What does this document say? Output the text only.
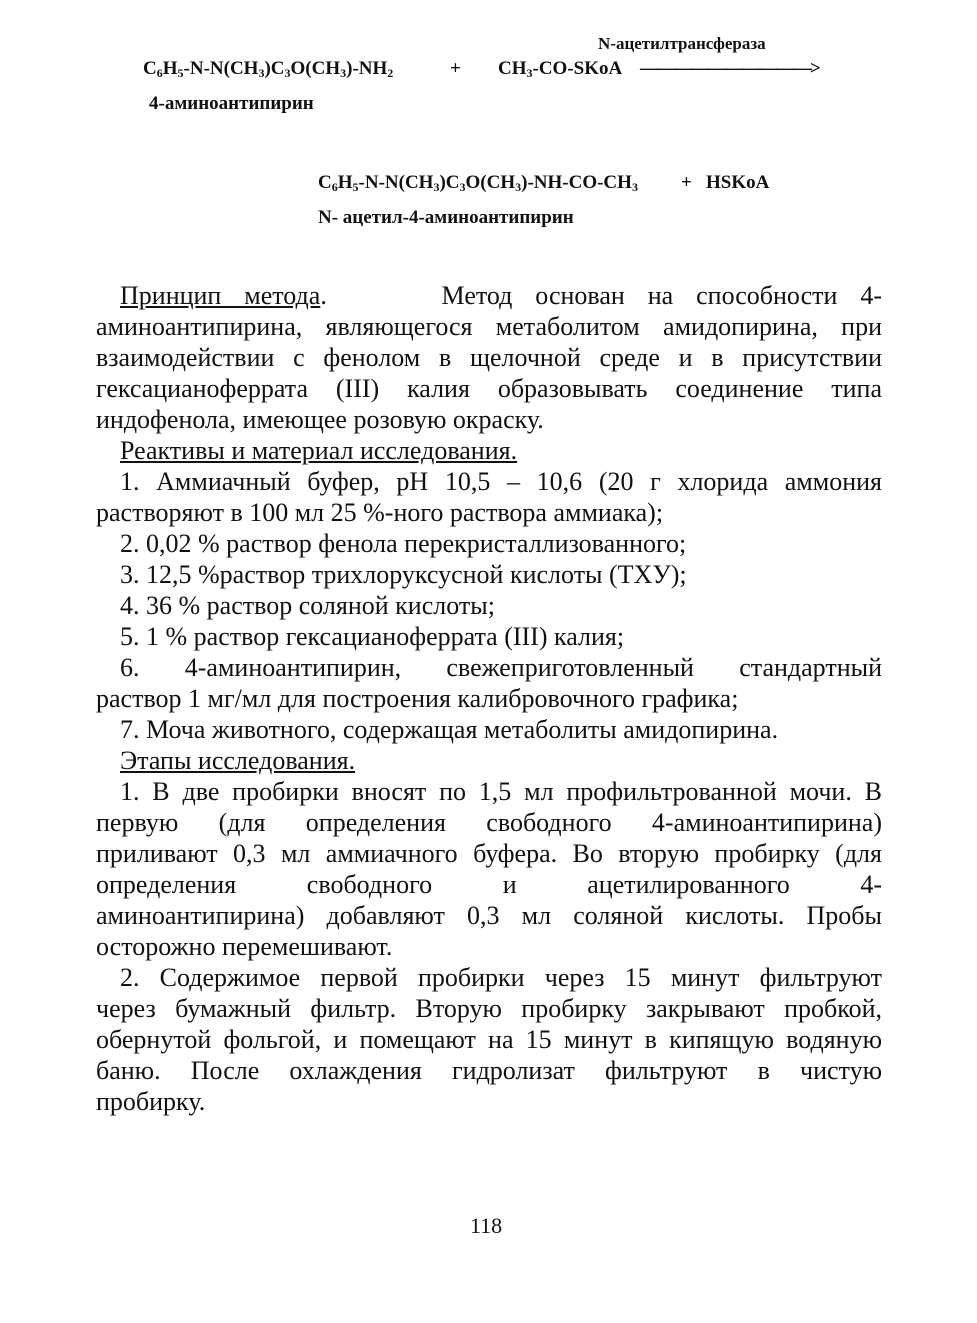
N-ацетилтрансфераза
$C_6H_5-N-N(CH_3)C_3O(CH_3)-NH_2$	+ $CH_3-CO$-SKoA ——————————>
4-аминоантипирин
$C_6H_5-N-N(CH_3)C_3O(CH_3)-NH-CO-CH_3$ + HSKoA
N- ацетил-4-аминоантипирин

Принцип метода.	Метод основан на способности 4-

аминоантипирина, являющегося метаболитом амидопирина, при

взаимодействии с фенолом в щелочной среде и в присутствии

гексацианоферрата (III) калия образовывать соединение типа

индофенола, имеющее розовую окраску.

Реактивы и материал исследования.

1. Аммиачный буфер, pH 10,5 – 10,6 (20 г хлорида аммония

растворяют в 100 мл 25 %-ного раствора аммиака);

2. 0,02 % раствор фенола перекристаллизованного;

3. 12,5 %раствор трихлоруксусной кислоты (ТХУ);

4. 36 % раствор соляной кислоты;

5. 1 % раствор гексацианоферрата (III) калия;

6. 4-аминоантипирин, свежеприготовленный стандартный

раствор 1 мг/мл для построения калибровочного графика;

7. Моча животного, содержащая метаболиты амидопирина.

Этапы исследования.

1. В две пробирки вносят по 1,5 мл профильтрованной мочи. В

первую (для определения свободного 4-аминоантипирина)

приливают 0,3 мл аммиачного буфера. Во вторую пробирку (для

определения свободного и ацетилированного 4-

аминоантипирина) добавляют 0,3 мл соляной кислоты. Пробы

осторожно перемешивают.

2. Содержимое первой пробирки через 15 минут фильтруют

через бумажный фильтр. Вторую пробирку закрывают пробкой,

обернутой фольгой, и помещают на 15 минут в кипящую водяную

баню. После охлаждения гидролизат фильтруют в чистую

пробирку.

118
